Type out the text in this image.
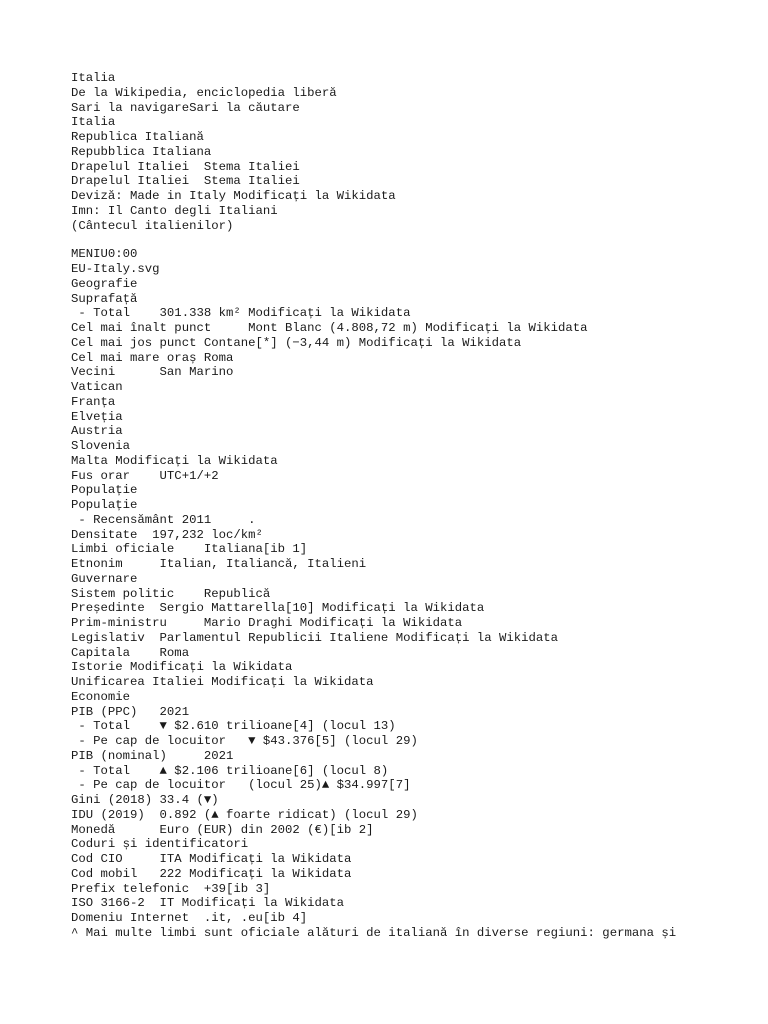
Italia
De la Wikipedia, enciclopedia liberă
Sari la navigareSari la căutare
Italia
Republica Italiană
Repubblica Italiana
Drapelul Italiei  Stema Italiei
Drapelul Italiei  Stema Italiei
Deviză: Made in Italy Modificați la Wikidata
Imn: Il Canto degli Italiani
(Cântecul italienilor)
MENIU0:00
EU-Italy.svg
Geografie
Suprafață
- Total    301.338 km² Modificați la Wikidata
Cel mai înalt punct     Mont Blanc (4.808,72 m) Modificați la Wikidata
Cel mai jos punct Contane[*] (−3,44 m) Modificați la Wikidata
Cel mai mare oraș Roma
Vecini      San Marino
Vatican
Franța
Elveția
Austria
Slovenia
Malta Modificați la Wikidata
Fus orar    UTC+1/+2
Populație
Populație
- Recensământ 2011     .
Densitate  197,232 loc/km²
Limbi oficiale    Italiana[ib 1]
Etnonim     Italian, Italiancă, Italieni
Guvernare
Sistem politic    Republică
Președinte  Sergio Mattarella[10] Modificați la Wikidata
Prim-ministru     Mario Draghi Modificați la Wikidata
Legislativ  Parlamentul Republicii Italiene Modificați la Wikidata
Capitala    Roma
Istorie Modificați la Wikidata
Unificarea Italiei Modificați la Wikidata
Economie
PIB (PPC)   2021
- Total    ▼ $2.610 trilioane[4] (locul 13)
- Pe cap de locuitor   ▼ $43.376[5] (locul 29)
PIB (nominal)     2021
- Total    ▲ $2.106 trilioane[6] (locul 8)
- Pe cap de locuitor   (locul 25)▲ $34.997[7]
Gini (2018) 33.4 (▼)
IDU (2019)  0.892 (▲ foarte ridicat) (locul 29)
Monedă      Euro (EUR) din 2002 (€)[ib 2]
Coduri și identificatori
Cod CIO     ITA Modificați la Wikidata
Cod mobil   222 Modificați la Wikidata
Prefix telefonic  +39[ib 3]
ISO 3166-2  IT Modificați la Wikidata
Domeniu Internet  .it, .eu[ib 4]
^ Mai multe limbi sunt oficiale alături de italiană în diverse regiuni: germana și
